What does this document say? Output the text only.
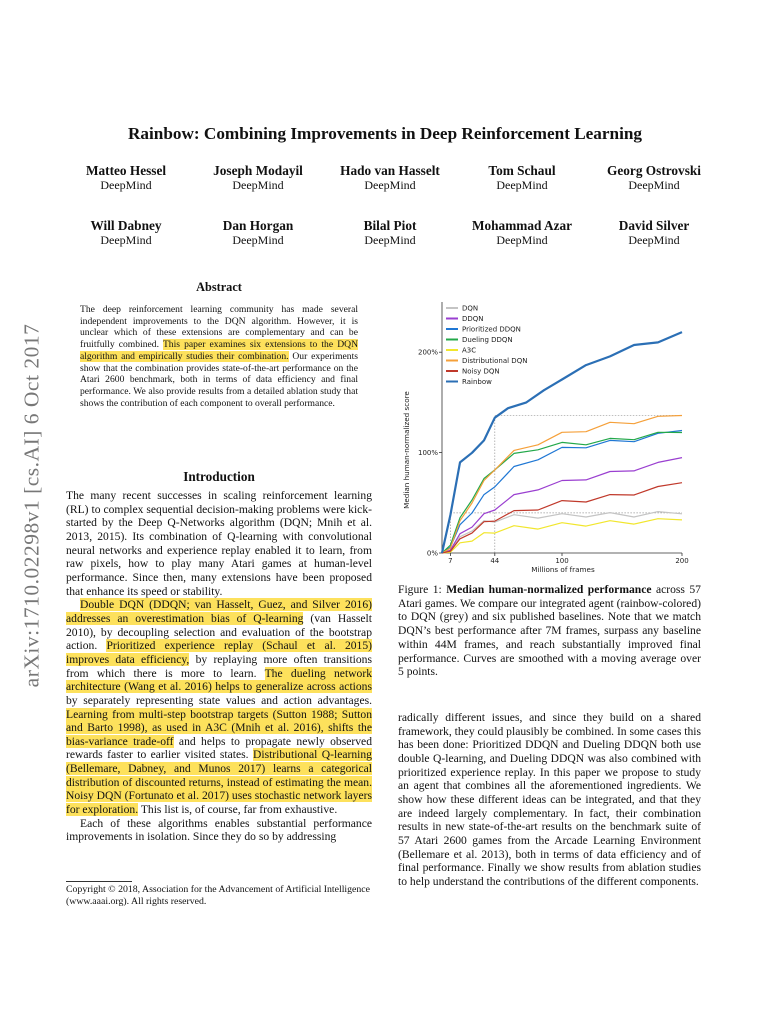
arXiv:1710.02298v1 [cs.AI] 6 Oct 2017
Rainbow: Combining Improvements in Deep Reinforcement Learning
Matteo Hessel
DeepMind
Joseph Modayil
DeepMind
Hado van Hasselt
DeepMind
Tom Schaul
DeepMind
Georg Ostrovski
DeepMind
Will Dabney
DeepMind
Dan Horgan
DeepMind
Bilal Piot
DeepMind
Mohammad Azar
DeepMind
David Silver
DeepMind
Abstract

The deep reinforcement learning community has made several independent improvements to the DQN algorithm. However, it is unclear which of these extensions are complementary and can be fruitfully combined. This paper examines six extensions to the DQN algorithm and empirically studies their combination. Our experiments show that the combination provides state-of-the-art performance on the Atari 2600 benchmark, both in terms of data efficiency and final performance. We also provide results from a detailed ablation study that shows the contribution of each component to overall performance.

Introduction

The many recent successes in scaling reinforcement learning (RL) to complex sequential decision-making problems were kick-started by the Deep Q-Networks algorithm (DQN; Mnih et al. 2013, 2015). Its combination of Q-learning with convolutional neural networks and experience replay enabled it to learn, from raw pixels, how to play many Atari games at human-level performance. Since then, many extensions have been proposed that enhance its speed or stability.

Double DQN (DDQN; van Hasselt, Guez, and Silver 2016) addresses an overestimation bias of Q-learning (van Hasselt 2010), by decoupling selection and evaluation of the bootstrap action. Prioritized experience replay (Schaul et al. 2015) improves data efficiency, by replaying more often transitions from which there is more to learn. The dueling network architecture (Wang et al. 2016) helps to generalize across actions by separately representing state values and action advantages. Learning from multi-step bootstrap targets (Sutton 1988; Sutton and Barto 1998), as used in A3C (Mnih et al. 2016), shifts the bias-variance trade-off and helps to propagate newly observed rewards faster to earlier visited states. Distributional Q-learning (Bellemare, Dabney, and Munos 2017) learns a categorical distribution of discounted returns, instead of estimating the mean. Noisy DQN (Fortunato et al. 2017) uses stochastic network layers for exploration. This list is, of course, far from exhaustive.

Each of these algorithms enables substantial performance improvements in isolation. Since they do so by addressing

Copyright © 2018, Association for the Advancement of Artificial Intelligence (www.aaai.org). All rights reserved.

Median human-normalized score
Millions of frames
0%
100%
200%
7	44	100	200
DQN
DDQN
Prioritized DDQN
Dueling DDQN
A3C
Distributional DQN
Noisy DQN
Rainbow

Figure 1: Median human-normalized performance across 57 Atari games. We compare our integrated agent (rainbow-colored) to DQN (grey) and six published baselines. Note that we match DQN’s best performance after 7M frames, surpass any baseline within 44M frames, and reach substantially improved final performance. Curves are smoothed with a moving average over 5 points.

radically different issues, and since they build on a shared framework, they could plausibly be combined. In some cases this has been done: Prioritized DDQN and Dueling DDQN both use double Q-learning, and Dueling DDQN was also combined with prioritized experience replay. In this paper we propose to study an agent that combines all the aforementioned ingredients. We show how these different ideas can be integrated, and that they are indeed largely complementary. In fact, their combination results in new state-of-the-art results on the benchmark suite of 57 Atari 2600 games from the Arcade Learning Environment (Bellemare et al. 2013), both in terms of data efficiency and of final performance. Finally we show results from ablation studies to help understand the contributions of the different components.
